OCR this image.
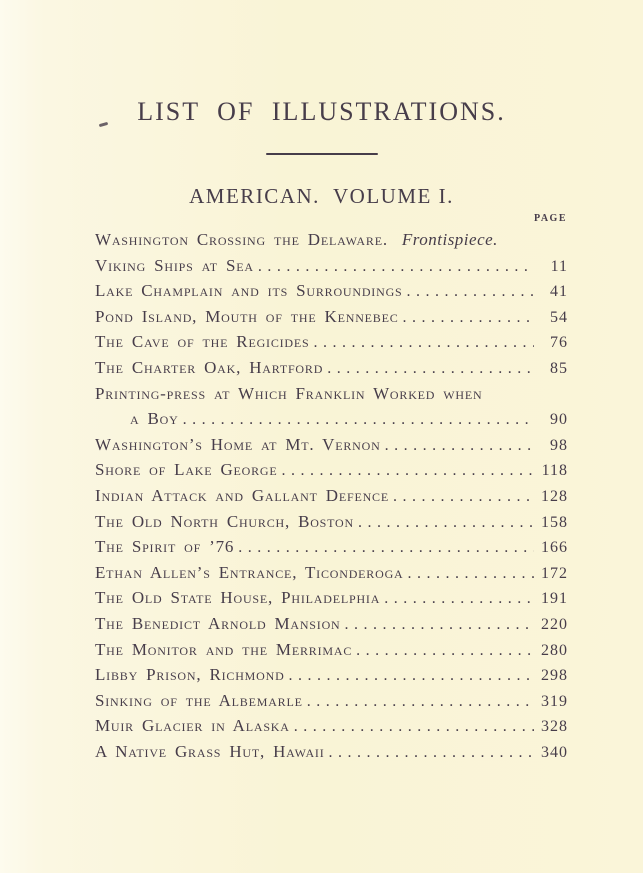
LIST OF ILLUSTRATIONS.
AMERICAN.  VOLUME I.
PAGE
Washington Crossing the Delaware. Frontispiece.
Viking Ships at Sea .....	11
Lake Champlain and its Surroundings .....	41
Pond Island, Mouth of the Kennebec .....	54
The Cave of the Regicides .....	76
The Charter Oak, Hartford .....	85
Printing-press at Which Franklin Worked when
a Boy .....	90
Washington’s Home at Mt. Vernon .....	98
Shore of Lake George .....	118
Indian Attack and Gallant Defence .....	128
The Old North Church, Boston .....	158
The Spirit of ’76 .....	166
Ethan Allen’s Entrance, Ticonderoga .....	172
The Old State House, Philadelphia .....	191
The Benedict Arnold Mansion .....	220
The Monitor and the Merrimac .....	280
Libby Prison, Richmond .....	298
Sinking of the Albemarle .....	319
Muir Glacier in Alaska .....	328
A Native Grass Hut, Hawaii .....	340
